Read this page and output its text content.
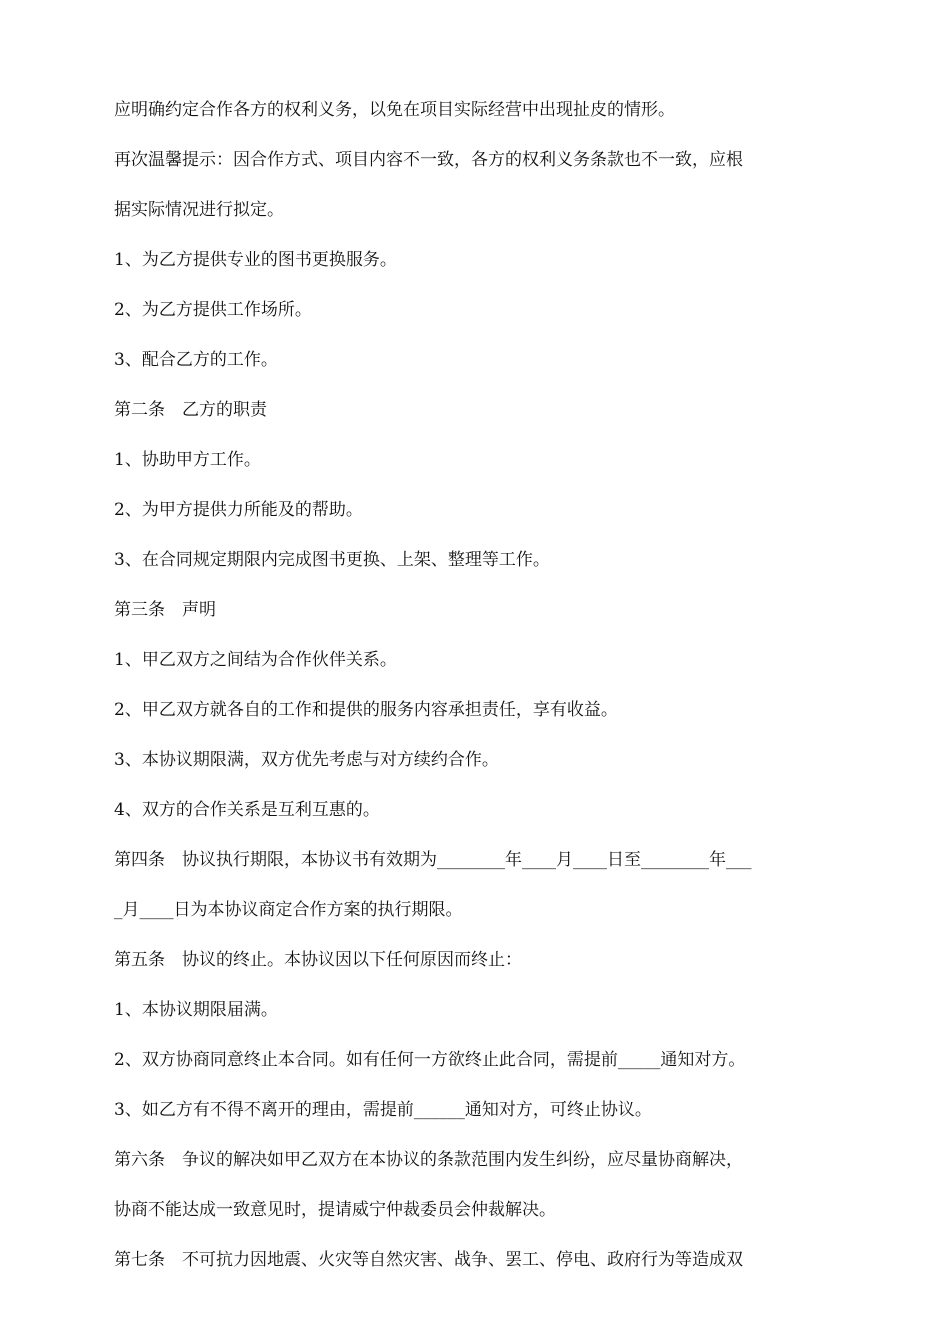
应明确约定合作各方的权利义务，以免在项目实际经营中出现扯皮的情形。
再次温馨提示：因合作方式、项目内容不一致，各方的权利义务条款也不一致，应根
据实际情况进行拟定。
1、为乙方提供专业的图书更换服务。
2、为乙方提供工作场所。
3、配合乙方的工作。
第二条　乙方的职责
1、协助甲方工作。
2、为甲方提供力所能及的帮助。
3、在合同规定期限内完成图书更换、上架、整理等工作。
第三条　声明
1、甲乙双方之间结为合作伙伴关系。
2、甲乙双方就各自的工作和提供的服务内容承担责任，享有收益。
3、本协议期限满，双方优先考虑与对方续约合作。
4、双方的合作关系是互利互惠的。
第四条　协议执行期限，本协议书有效期为________年____月____日至________年___
_月____日为本协议商定合作方案的执行期限。
第五条　协议的终止。本协议因以下任何原因而终止：
1、本协议期限届满。
2、双方协商同意终止本合同。如有任何一方欲终止此合同，需提前_____通知对方。
3、如乙方有不得不离开的理由，需提前______通知对方，可终止协议。
第六条　争议的解决如甲乙双方在本协议的条款范围内发生纠纷，应尽量协商解决，
协商不能达成一致意见时，提请威宁仲裁委员会仲裁解决。
第七条　不可抗力因地震、火灾等自然灾害、战争、罢工、停电、政府行为等造成双
